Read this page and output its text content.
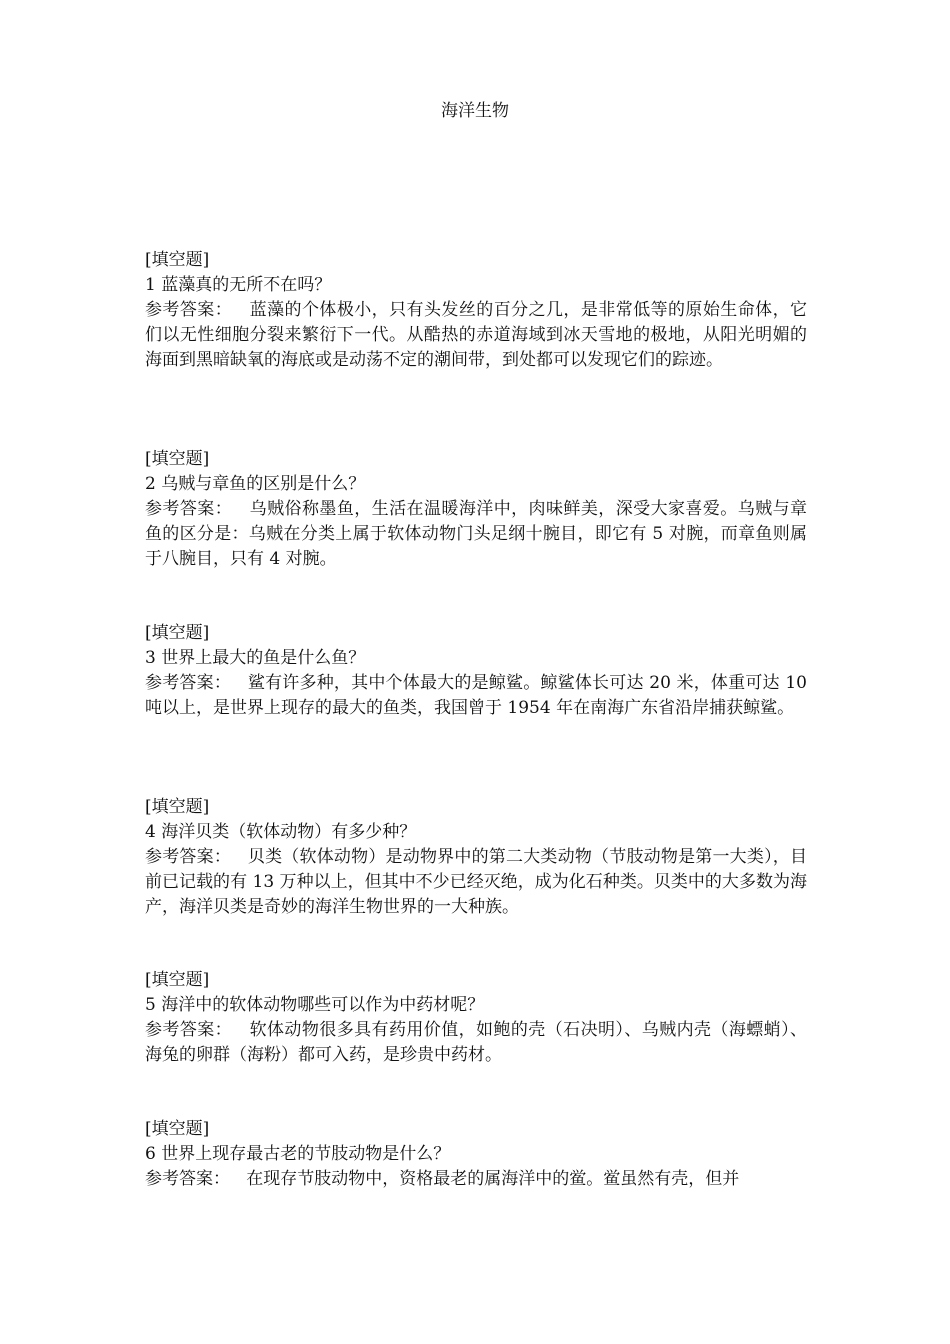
海洋生物

[填空题]

1 蓝藻真的无所不在吗？

参考答案： 蓝藻的个体极小，只有头发丝的百分之几，是非常低等的原始生命体，它们以无性细胞分裂来繁衍下一代。从酷热的赤道海域到冰天雪地的极地，从阳光明媚的海面到黑暗缺氧的海底或是动荡不定的潮间带，到处都可以发现它们的踪迹。

[填空题]

2 乌贼与章鱼的区别是什么？

参考答案： 乌贼俗称墨鱼，生活在温暖海洋中，肉味鲜美，深受大家喜爱。乌贼与章鱼的区分是：乌贼在分类上属于软体动物门头足纲十腕目，即它有 5 对腕，而章鱼则属于八腕目，只有 4 对腕。

[填空题]

3 世界上最大的鱼是什么鱼？

参考答案： 鲨有许多种，其中个体最大的是鲸鲨。鲸鲨体长可达 20 米，体重可达 10 吨以上，是世界上现存的最大的鱼类，我国曾于 1954 年在南海广东省沿岸捕获鲸鲨。

[填空题]

4 海洋贝类（软体动物）有多少种？

参考答案： 贝类（软体动物）是动物界中的第二大类动物（节肢动物是第一大类），目前已记载的有 13 万种以上，但其中不少已经灭绝，成为化石种类。贝类中的大多数为海产，海洋贝类是奇妙的海洋生物世界的一大种族。

[填空题]

5 海洋中的软体动物哪些可以作为中药材呢？

参考答案： 软体动物很多具有药用价值，如鲍的壳（石决明）、乌贼内壳（海螵蛸）、海兔的卵群（海粉）都可入药，是珍贵中药材。

[填空题]

6 世界上现存最古老的节肢动物是什么？

参考答案： 在现存节肢动物中，资格最老的属海洋中的鲎。鲎虽然有壳，但并
